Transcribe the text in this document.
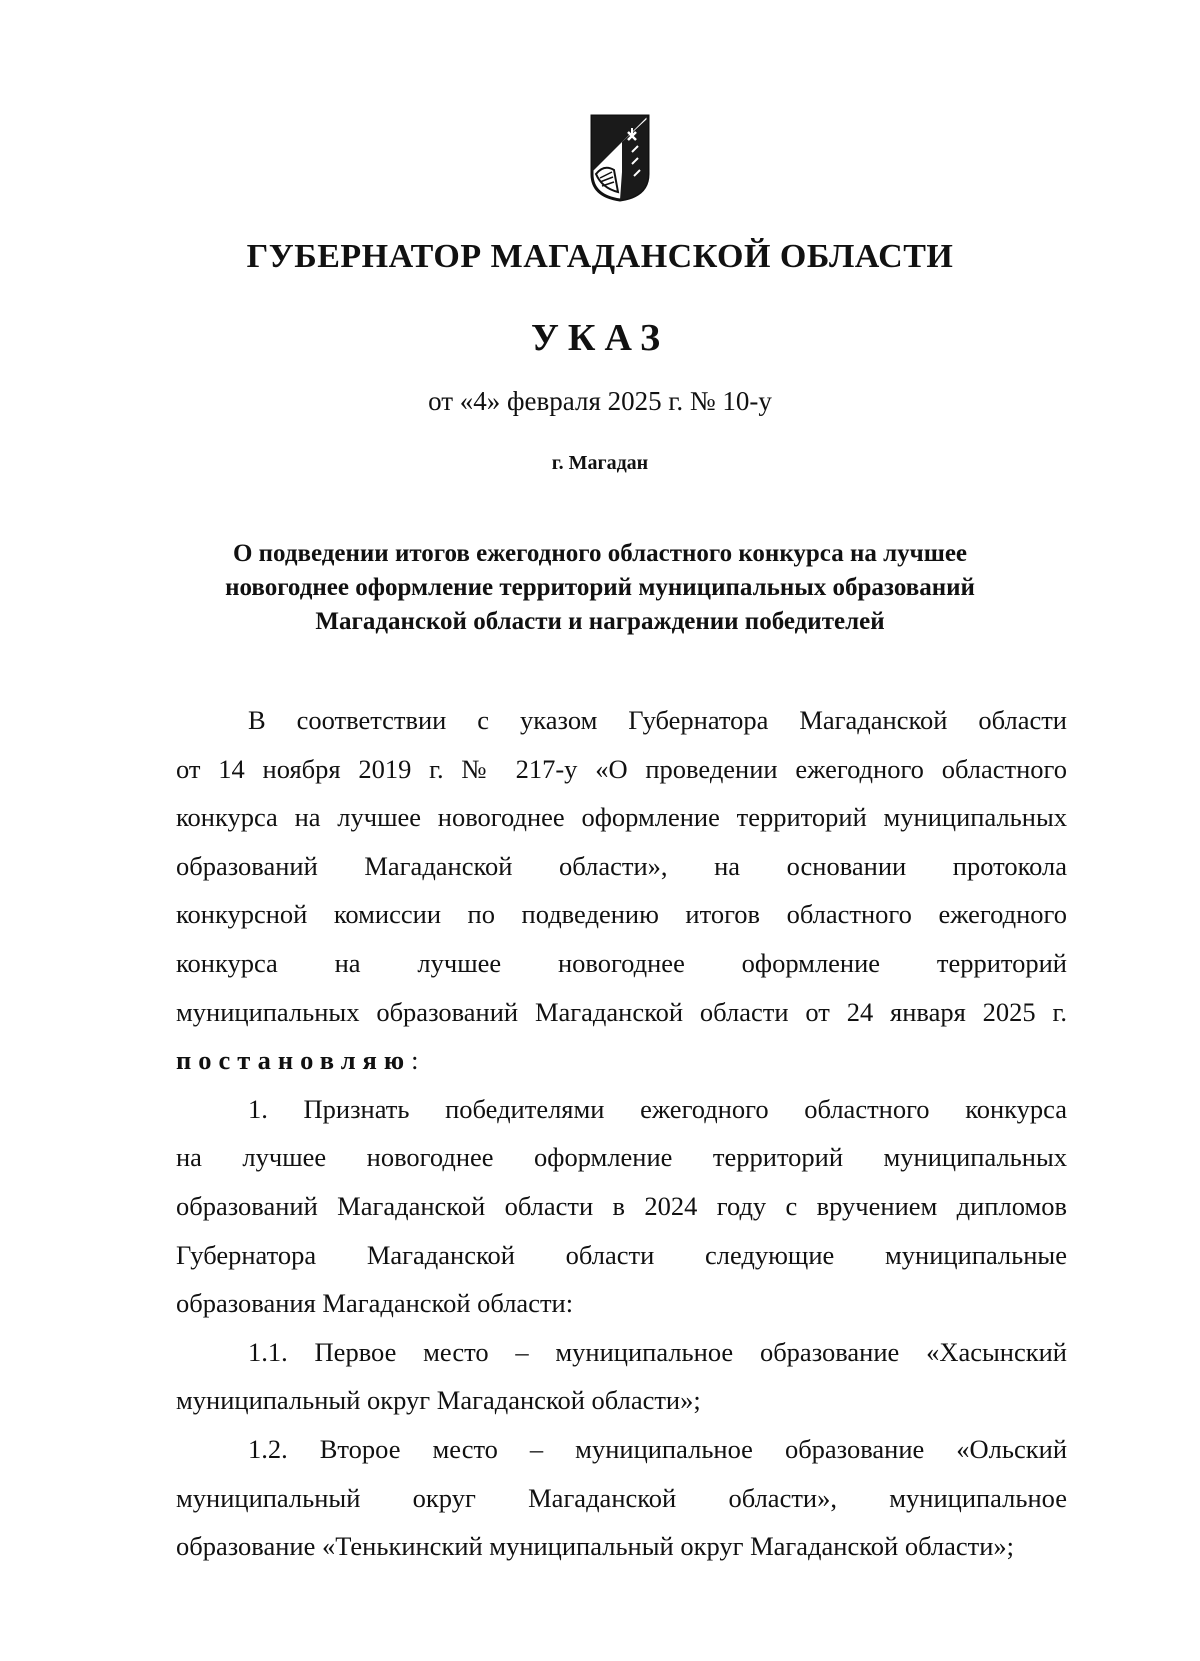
ГУБЕРНАТОР МАГАДАНСКОЙ ОБЛАСТИ
УКАЗ
от «4» февраля 2025 г. № 10-у
г. Магадан
О подведении итогов ежегодного областного конкурса на лучшее
новогоднее оформление территорий муниципальных образований
Магаданской области и награждении победителей
В соответствии с указом Губернатора Магаданской области
от 14 ноября 2019 г. № 217-у «О проведении ежегодного областного
конкурса на лучшее новогоднее оформление территорий муниципальных
образований Магаданской области», на основании протокола
конкурсной комиссии по подведению итогов областного ежегодного
конкурса на лучшее новогоднее оформление территорий
муниципальных образований Магаданской области от 24 января 2025 г.
постановляю:
1. Признать победителями ежегодного областного конкурса
на лучшее новогоднее оформление территорий муниципальных
образований Магаданской области в 2024 году с вручением дипломов
Губернатора Магаданской области следующие муниципальные
образования Магаданской области:
1.1. Первое место – муниципальное образование «Хасынский
муниципальный округ Магаданской области»;
1.2. Второе место – муниципальное образование «Ольский
муниципальный округ Магаданской области», муниципальное
образование «Тенькинский муниципальный округ Магаданской области»;
